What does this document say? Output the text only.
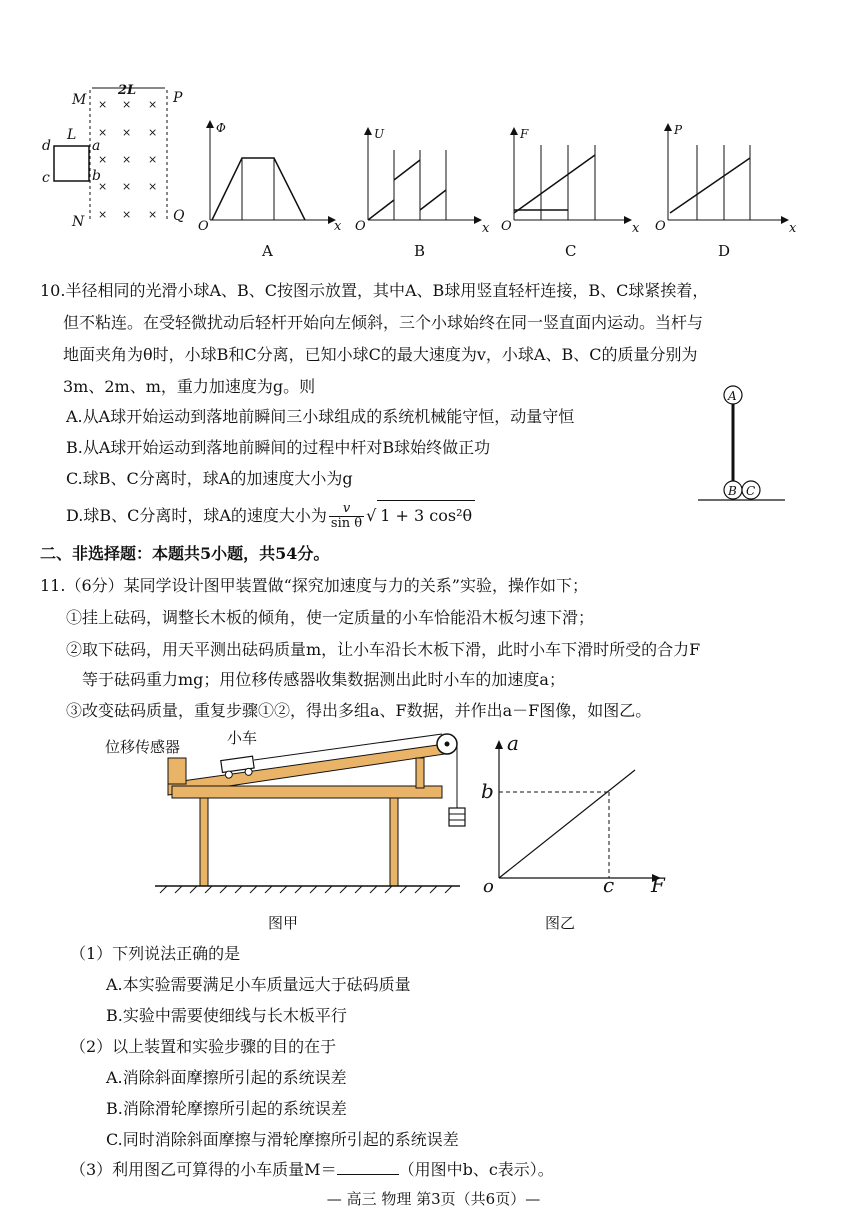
2L
M	P
N	Q
× × ×
× × ×
× × ×
× × ×
× × ×
L
d
c
a
b
Φ
O	x
A
U
O	x
B
F
O	x
C
P
O	x
D
10.半径相同的光滑小球A、B、C按图示放置，其中A、B球用竖直轻杆连接，B、C球紧挨着，
但不粘连。在受轻微扰动后轻杆开始向左倾斜，三个小球始终在同一竖直面内运动。当杆与
地面夹角为θ时，小球B和C分离，已知小球C的最大速度为v，小球A、B、C的质量分别为
3m、2m、m，重力加速度为g。则
A.从A球开始运动到落地前瞬间三小球组成的系统机械能守恒，动量守恒
B.从A球开始运动到落地前瞬间的过程中杆对B球始终做正功
C.球B、C分离时，球A的加速度大小为g
D.球B、C分离时，球A的速度大小为 $\frac{v}{\text{sin θ}}$ √ 1 + 3 cos²θ
A
B C
二、非选择题：本题共5小题，共54分。
11.（6分）某同学设计图甲装置做“探究加速度与力的关系”实验，操作如下；
①挂上砝码，调整长木板的倾角，使一定质量的小车恰能沿木板匀速下滑；
②取下砝码，用天平测出砝码质量m，让小车沿长木板下滑，此时小车下滑时所受的合力F
等于砝码重力mg；用位移传感器收集数据测出此时小车的加速度a；
③改变砝码质量，重复步骤①②，得出多组a、F数据，并作出a－F图像，如图乙。
位移传感器	小车
图甲
a
F
b
c
o
图乙
（1）下列说法正确的是
A.本实验需要满足小车质量远大于砝码质量
B.实验中需要使细线与长木板平行
（2）以上装置和实验步骤的目的在于
A.消除斜面摩擦所引起的系统误差
B.消除滑轮摩擦所引起的系统误差
C.同时消除斜面摩擦与滑轮摩擦所引起的系统误差
（3）利用图乙可算得的小车质量M＝	（用图中b、c表示）。
— 高三 物理 第3页（共6页）—
